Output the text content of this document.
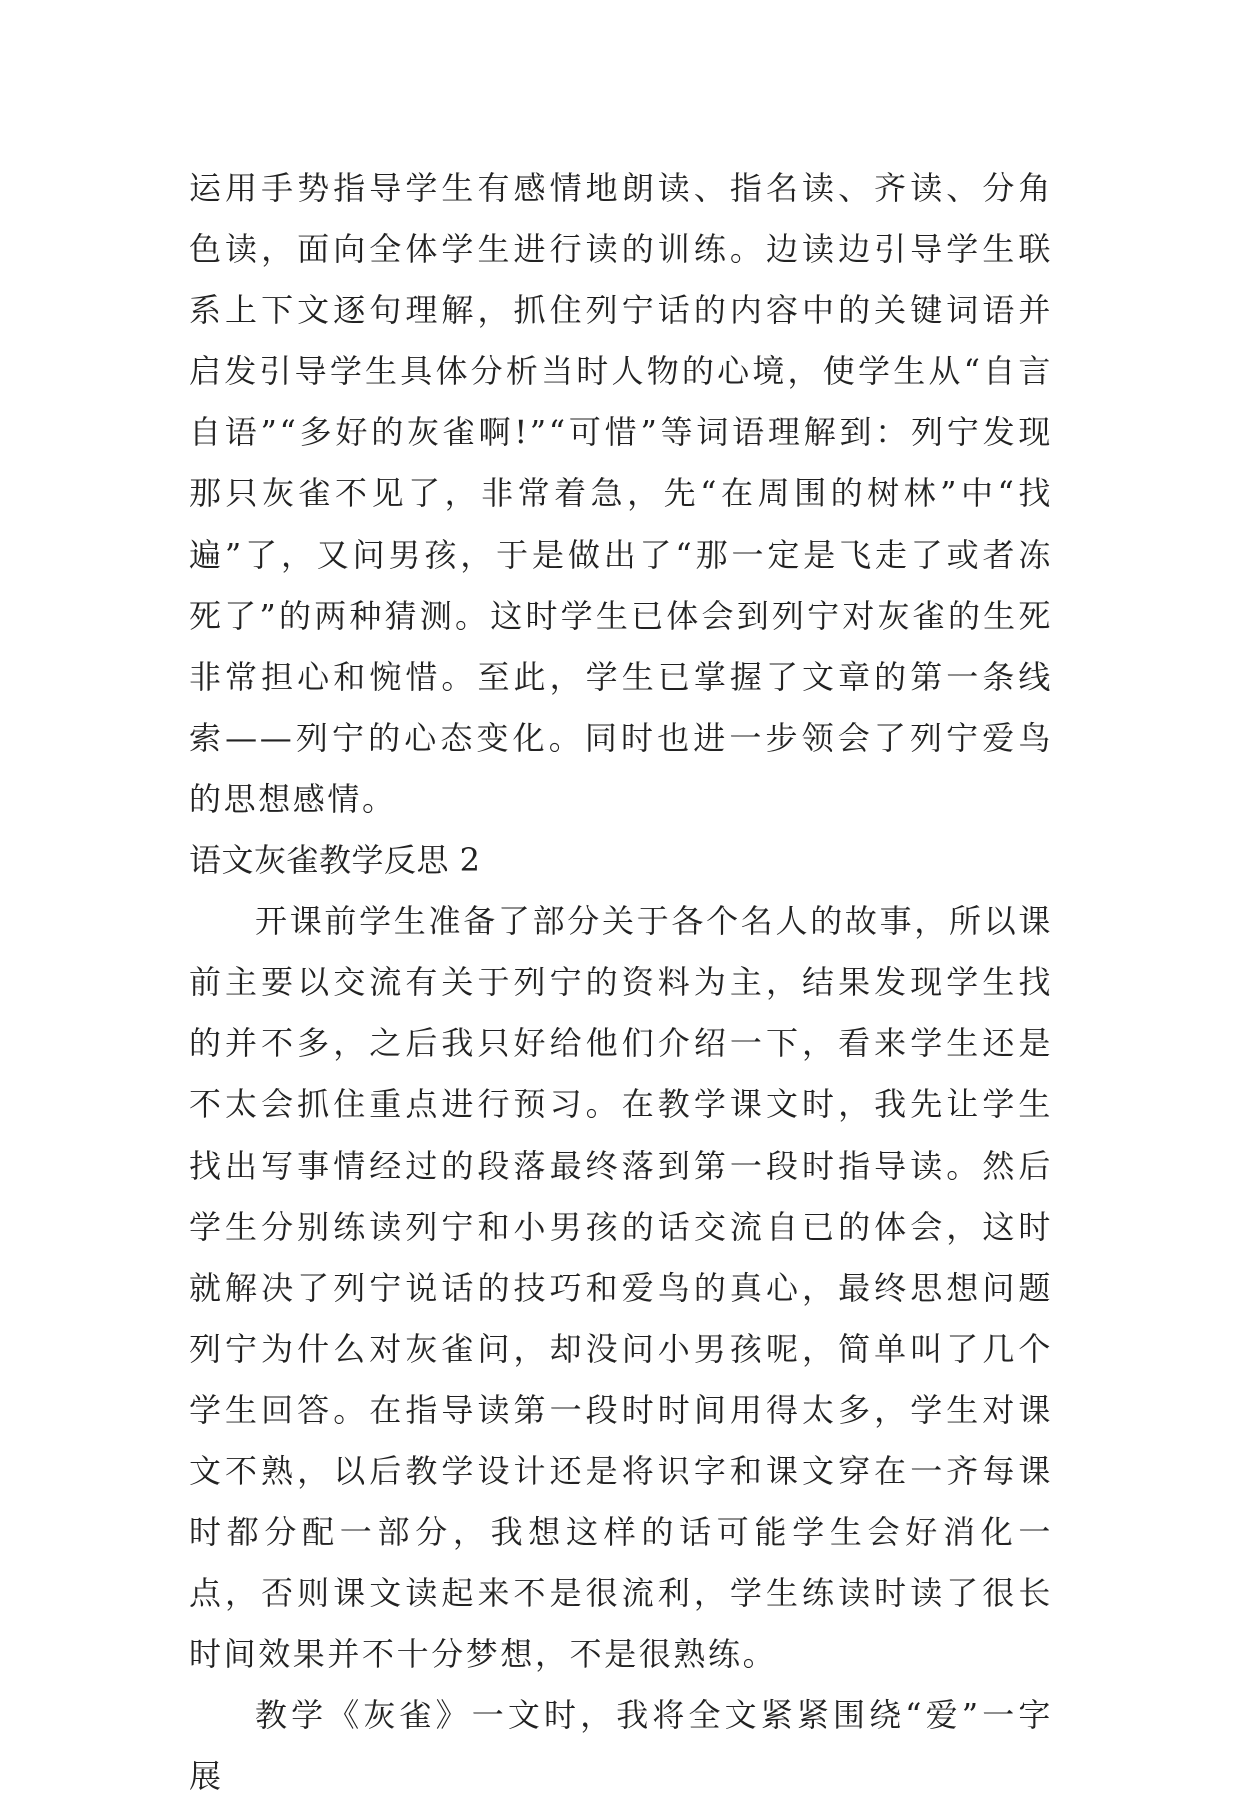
运用手势指导学生有感情地朗读、指名读、齐读、分角色读，面向全体学生进行读的训练。边读边引导学生联系上下文逐句理解，抓住列宁话的内容中的关键词语并启发引导学生具体分析当时人物的心境，使学生从“自言自语”“多好的灰雀啊!”“可惜”等词语理解到：列宁发现那只灰雀不见了，非常着急，先“在周围的树林”中“找遍”了，又问男孩，于是做出了“那一定是飞走了或者冻死了”的两种猜测。这时学生已体会到列宁对灰雀的生死非常担心和惋惜。至此，学生已掌握了文章的第一条线索——列宁的心态变化。同时也进一步领会了列宁爱鸟的思想感情。

语文灰雀教学反思 2

开课前学生准备了部分关于各个名人的故事，所以课前主要以交流有关于列宁的资料为主，结果发现学生找的并不多，之后我只好给他们介绍一下，看来学生还是不太会抓住重点进行预习。在教学课文时，我先让学生找出写事情经过的段落最终落到第一段时指导读。然后学生分别练读列宁和小男孩的话交流自已的体会，这时就解决了列宁说话的技巧和爱鸟的真心，最终思想问题列宁为什么对灰雀问，却没问小男孩呢，简单叫了几个学生回答。在指导读第一段时时间用得太多，学生对课文不熟，以后教学设计还是将识字和课文穿在一齐每课时都分配一部分，我想这样的话可能学生会好消化一点，否则课文读起来不是很流利，学生练读时读了很长时间效果并不十分梦想，不是很熟练。

教学《灰雀》一文时，我将全文紧紧围绕“爱”一字展
